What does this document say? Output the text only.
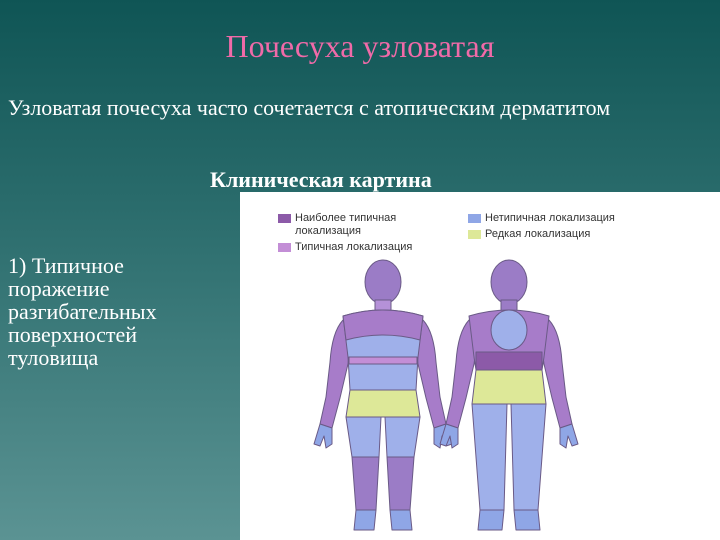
Почесуха узловатая
Узловатая почесуха часто сочетается с атопическим дерматитом
Клиническая картина
1) Типичное поражение разгибательных поверхностей туловища
Наиболее типичная локализация
Нетипичная локализация
Типичная локализация
Редкая локализация
